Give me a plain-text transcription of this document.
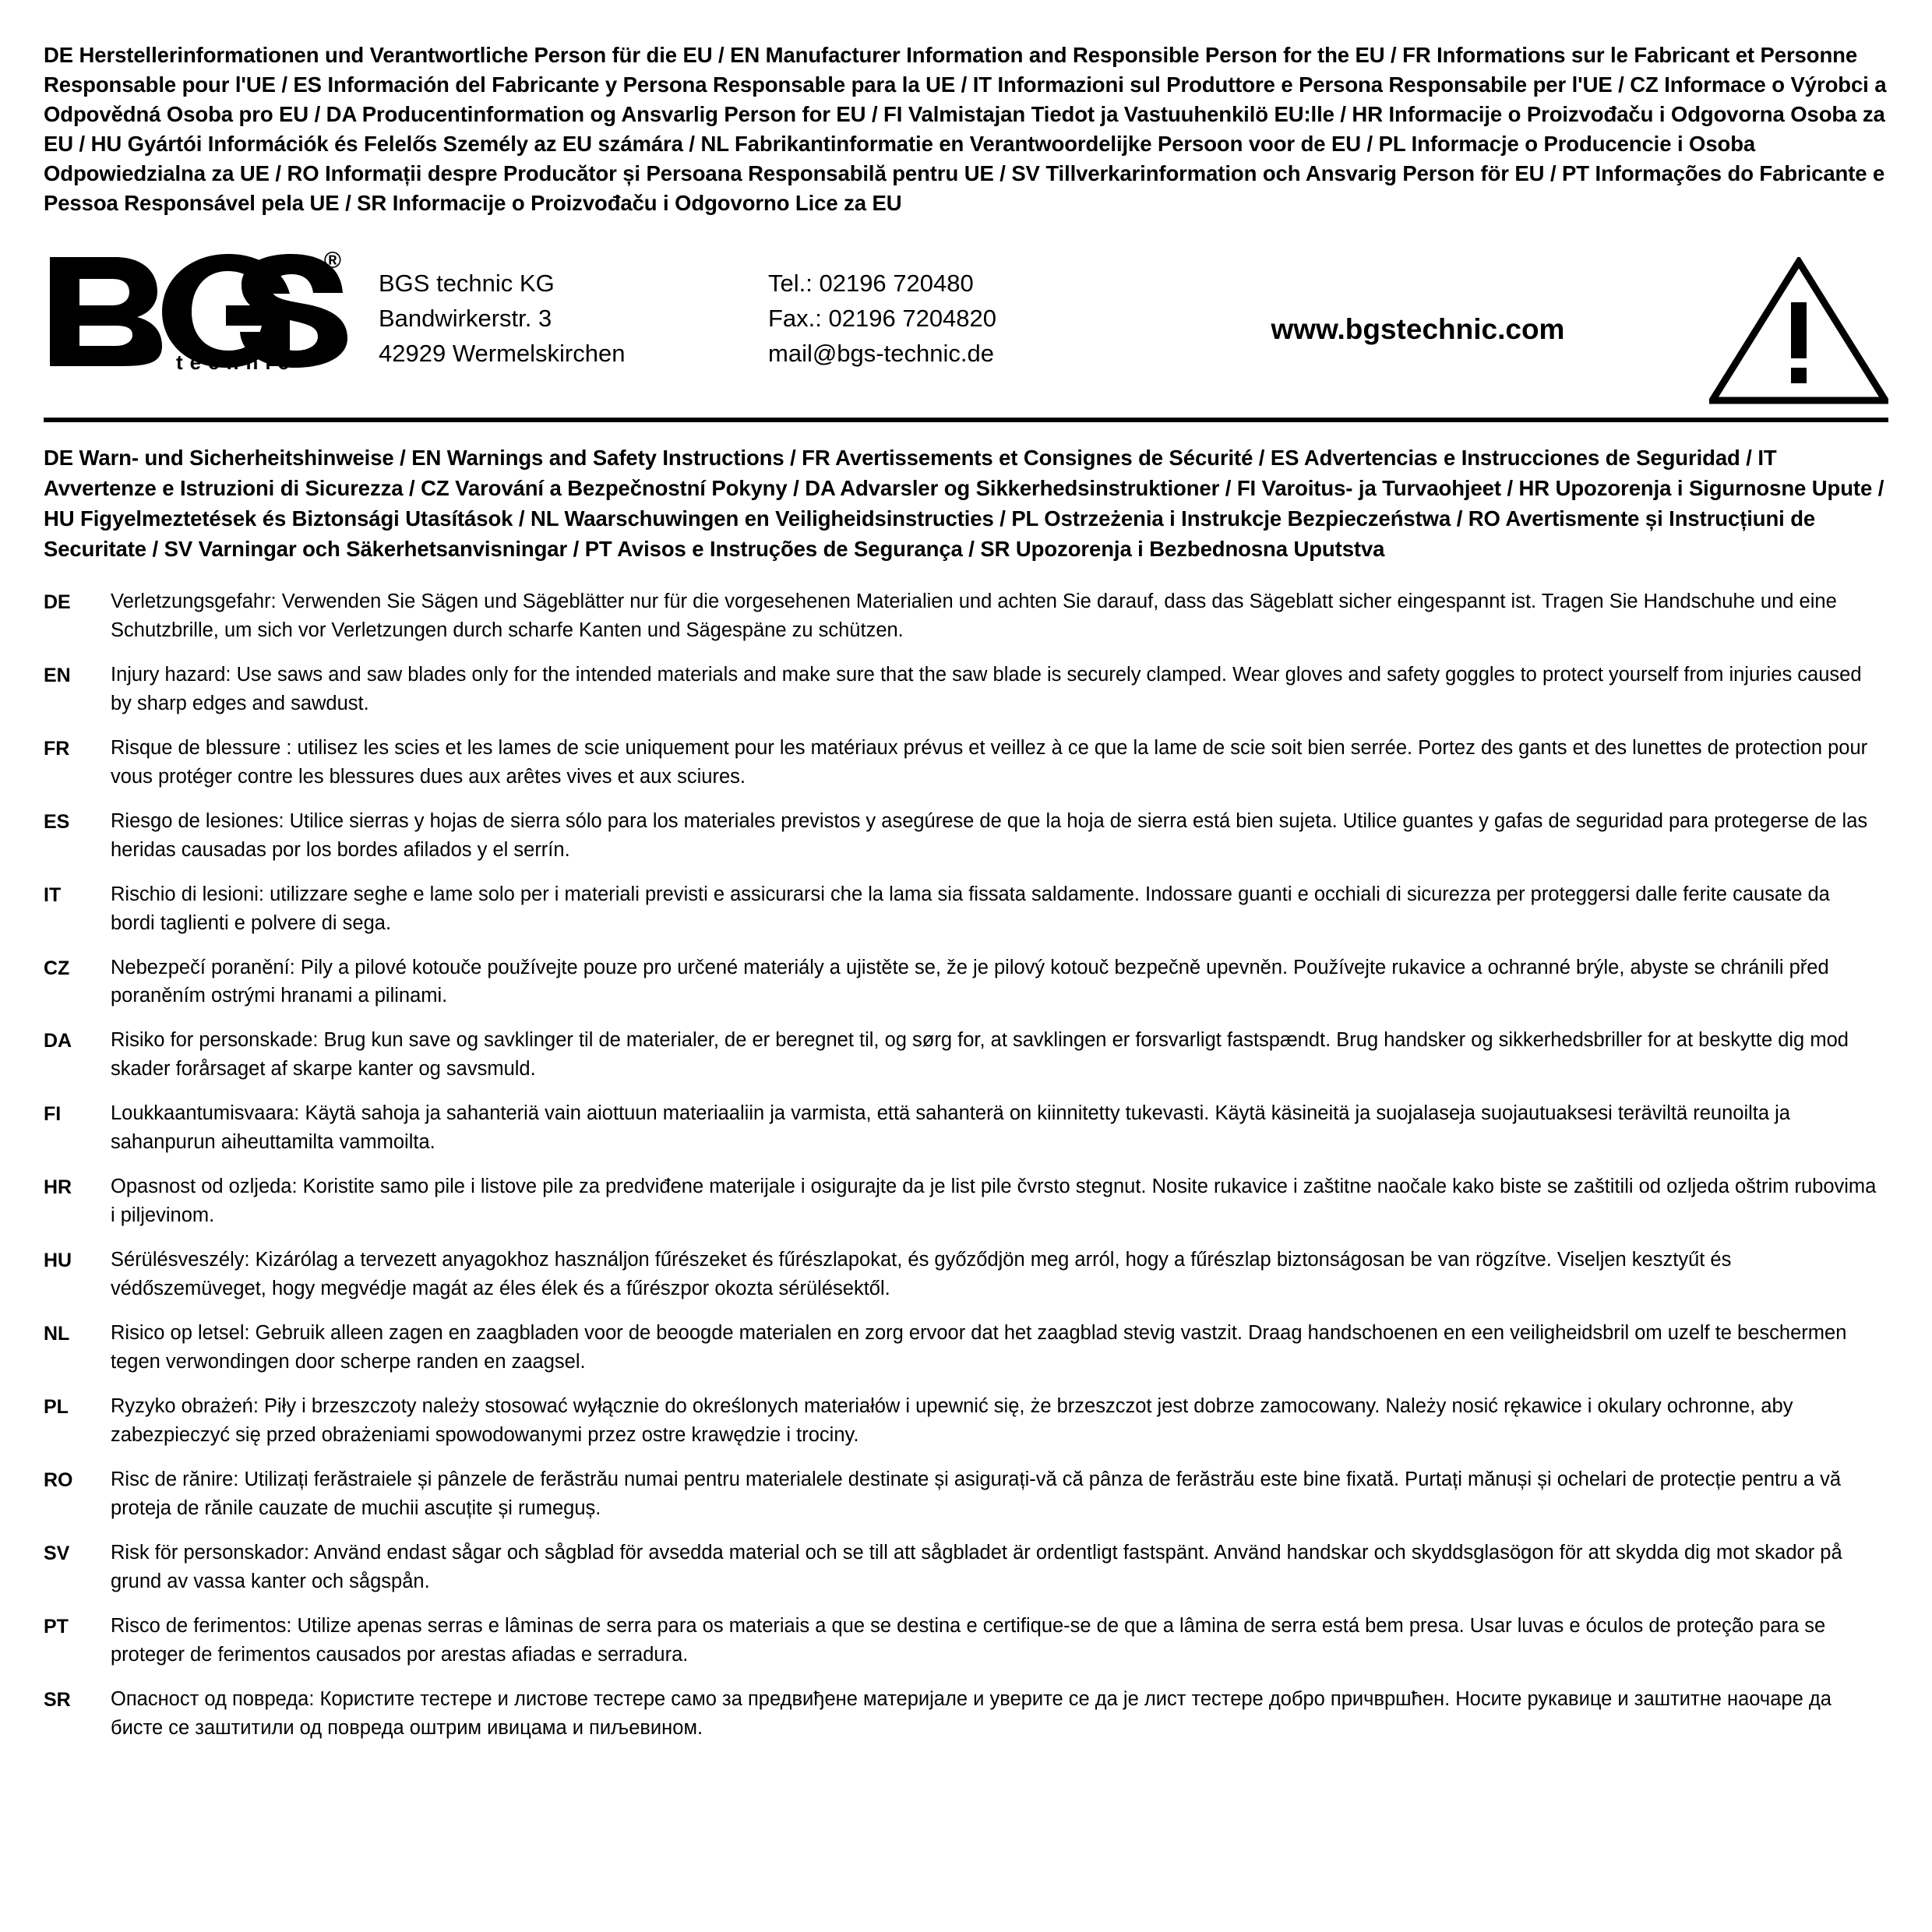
DE Herstellerinformationen und Verantwortliche Person für die EU / EN Manufacturer Information and Responsible Person for the EU / FR Informations sur le Fabricant et Personne Responsable pour l'UE / ES Información del Fabricante y Persona Responsable para la UE / IT Informazioni sul Produttore e Persona Responsabile per l'UE / CZ Informace o Výrobci a Odpovědná Osoba pro EU / DA Producentinformation og Ansvarlig Person for EU / FI Valmistajan Tiedot ja Vastuuhenkilö EU:lle / HR Informacije o Proizvođaču i Odgovorna Osoba za EU / HU Gyártói Információk és Felelős Személy az EU számára / NL Fabrikantinformatie en Verantwoordelijke Persoon voor de EU / PL Informacje o Producencie i Osoba Odpowiedzialna za UE / RO Informații despre Producător și Persoana Responsabilă pentru UE / SV Tillverkarinformation och Ansvarig Person för EU / PT Informações do Fabricante e Pessoa Responsável pela UE / SR Informacije o Proizvođaču i Odgovorno Lice za EU
®
technic
BGS technic KG
Bandwirkerstr. 3
42929 Wermelskirchen
Tel.: 02196 720480
Fax.: 02196 7204820
mail@bgs-technic.de
www.bgstechnic.com
DE Warn- und Sicherheitshinweise / EN Warnings and Safety Instructions / FR Avertissements et Consignes de Sécurité / ES Advertencias e Instrucciones de Seguridad / IT Avvertenze e Istruzioni di Sicurezza / CZ Varování a Bezpečnostní Pokyny / DA Advarsler og Sikkerhedsinstruktioner / FI Varoitus- ja Turvaohjeet / HR Upozorenja i Sigurnosne Upute / HU Figyelmeztetések és Biztonsági Utasítások / NL Waarschuwingen en Veiligheidsinstructies / PL Ostrzeżenia i Instrukcje Bezpieczeństwa / RO Avertismente și Instrucțiuni de Securitate / SV Varningar och Säkerhetsanvisningar / PT Avisos e Instruções de Segurança / SR Upozorenja i Bezbednosna Uputstva
DE	Verletzungsgefahr: Verwenden Sie Sägen und Sägeblätter nur für die vorgesehenen Materialien und achten Sie darauf, dass das Sägeblatt sicher eingespannt ist. Tragen Sie Handschuhe und eine Schutzbrille, um sich vor Verletzungen durch scharfe Kanten und Sägespäne zu schützen.
EN	Injury hazard: Use saws and saw blades only for the intended materials and make sure that the saw blade is securely clamped. Wear gloves and safety goggles to protect yourself from injuries caused by sharp edges and sawdust.
FR	Risque de blessure : utilisez les scies et les lames de scie uniquement pour les matériaux prévus et veillez à ce que la lame de scie soit bien serrée. Portez des gants et des lunettes de protection pour vous protéger contre les blessures dues aux arêtes vives et aux sciures.
ES	Riesgo de lesiones: Utilice sierras y hojas de sierra sólo para los materiales previstos y asegúrese de que la hoja de sierra está bien sujeta. Utilice guantes y gafas de seguridad para protegerse de las heridas causadas por los bordes afilados y el serrín.
IT	Rischio di lesioni: utilizzare seghe e lame solo per i materiali previsti e assicurarsi che la lama sia fissata saldamente. Indossare guanti e occhiali di sicurezza per proteggersi dalle ferite causate da bordi taglienti e polvere di sega.
CZ	Nebezpečí poranění: Pily a pilové kotouče používejte pouze pro určené materiály a ujistěte se, že je pilový kotouč bezpečně upevněn. Používejte rukavice a ochranné brýle, abyste se chránili před poraněním ostrými hranami a pilinami.
DA	Risiko for personskade: Brug kun save og savklinger til de materialer, de er beregnet til, og sørg for, at savklingen er forsvarligt fastspændt. Brug handsker og sikkerhedsbriller for at beskytte dig mod skader forårsaget af skarpe kanter og savsmuld.
FI	Loukkaantumisvaara: Käytä sahoja ja sahanteriä vain aiottuun materiaaliin ja varmista, että sahanterä on kiinnitetty tukevasti. Käytä käsineitä ja suojalaseja suojautuaksesi teräviltä reunoilta ja sahanpurun aiheuttamilta vammoilta.
HR	Opasnost od ozljeda: Koristite samo pile i listove pile za predviđene materijale i osigurajte da je list pile čvrsto stegnut. Nosite rukavice i zaštitne naočale kako biste se zaštitili od ozljeda oštrim rubovima i piljevinom.
HU	Sérülésveszély: Kizárólag a tervezett anyagokhoz használjon fűrészeket és fűrészlapokat, és győződjön meg arról, hogy a fűrészlap biztonságosan be van rögzítve. Viseljen kesztyűt és védőszemüveget, hogy megvédje magát az éles élek és a fűrészpor okozta sérülésektől.
NL	Risico op letsel: Gebruik alleen zagen en zaagbladen voor de beoogde materialen en zorg ervoor dat het zaagblad stevig vastzit. Draag handschoenen en een veiligheidsbril om uzelf te beschermen tegen verwondingen door scherpe randen en zaagsel.
PL	Ryzyko obrażeń: Piły i brzeszczoty należy stosować wyłącznie do określonych materiałów i upewnić się, że brzeszczot jest dobrze zamocowany. Należy nosić rękawice i okulary ochronne, aby zabezpieczyć się przed obrażeniami spowodowanymi przez ostre krawędzie i trociny.
RO	Risc de rănire: Utilizați ferăstraiele și pânzele de ferăstrău numai pentru materialele destinate și asigurați-vă că pânza de ferăstrău este bine fixată. Purtați mănuși și ochelari de protecție pentru a vă proteja de rănile cauzate de muchii ascuțite și rumeguș.
SV	Risk för personskador: Använd endast sågar och sågblad för avsedda material och se till att sågbladet är ordentligt fastspänt. Använd handskar och skyddsglasögon för att skydda dig mot skador på grund av vassa kanter och sågspån.
PT	Risco de ferimentos: Utilize apenas serras e lâminas de serra para os materiais a que se destina e certifique-se de que a lâmina de serra está bem presa. Usar luvas e óculos de proteção para se proteger de ferimentos causados por arestas afiadas e serradura.
SR	Опасност од повреда: Користите тестере и листове тестере само за предвиђене материјале и уверите се да је лист тестере добро причвршћен. Носите рукавице и заштитне наочаре да бисте се заштитили од повреда оштрим ивицама и пиљевином.
